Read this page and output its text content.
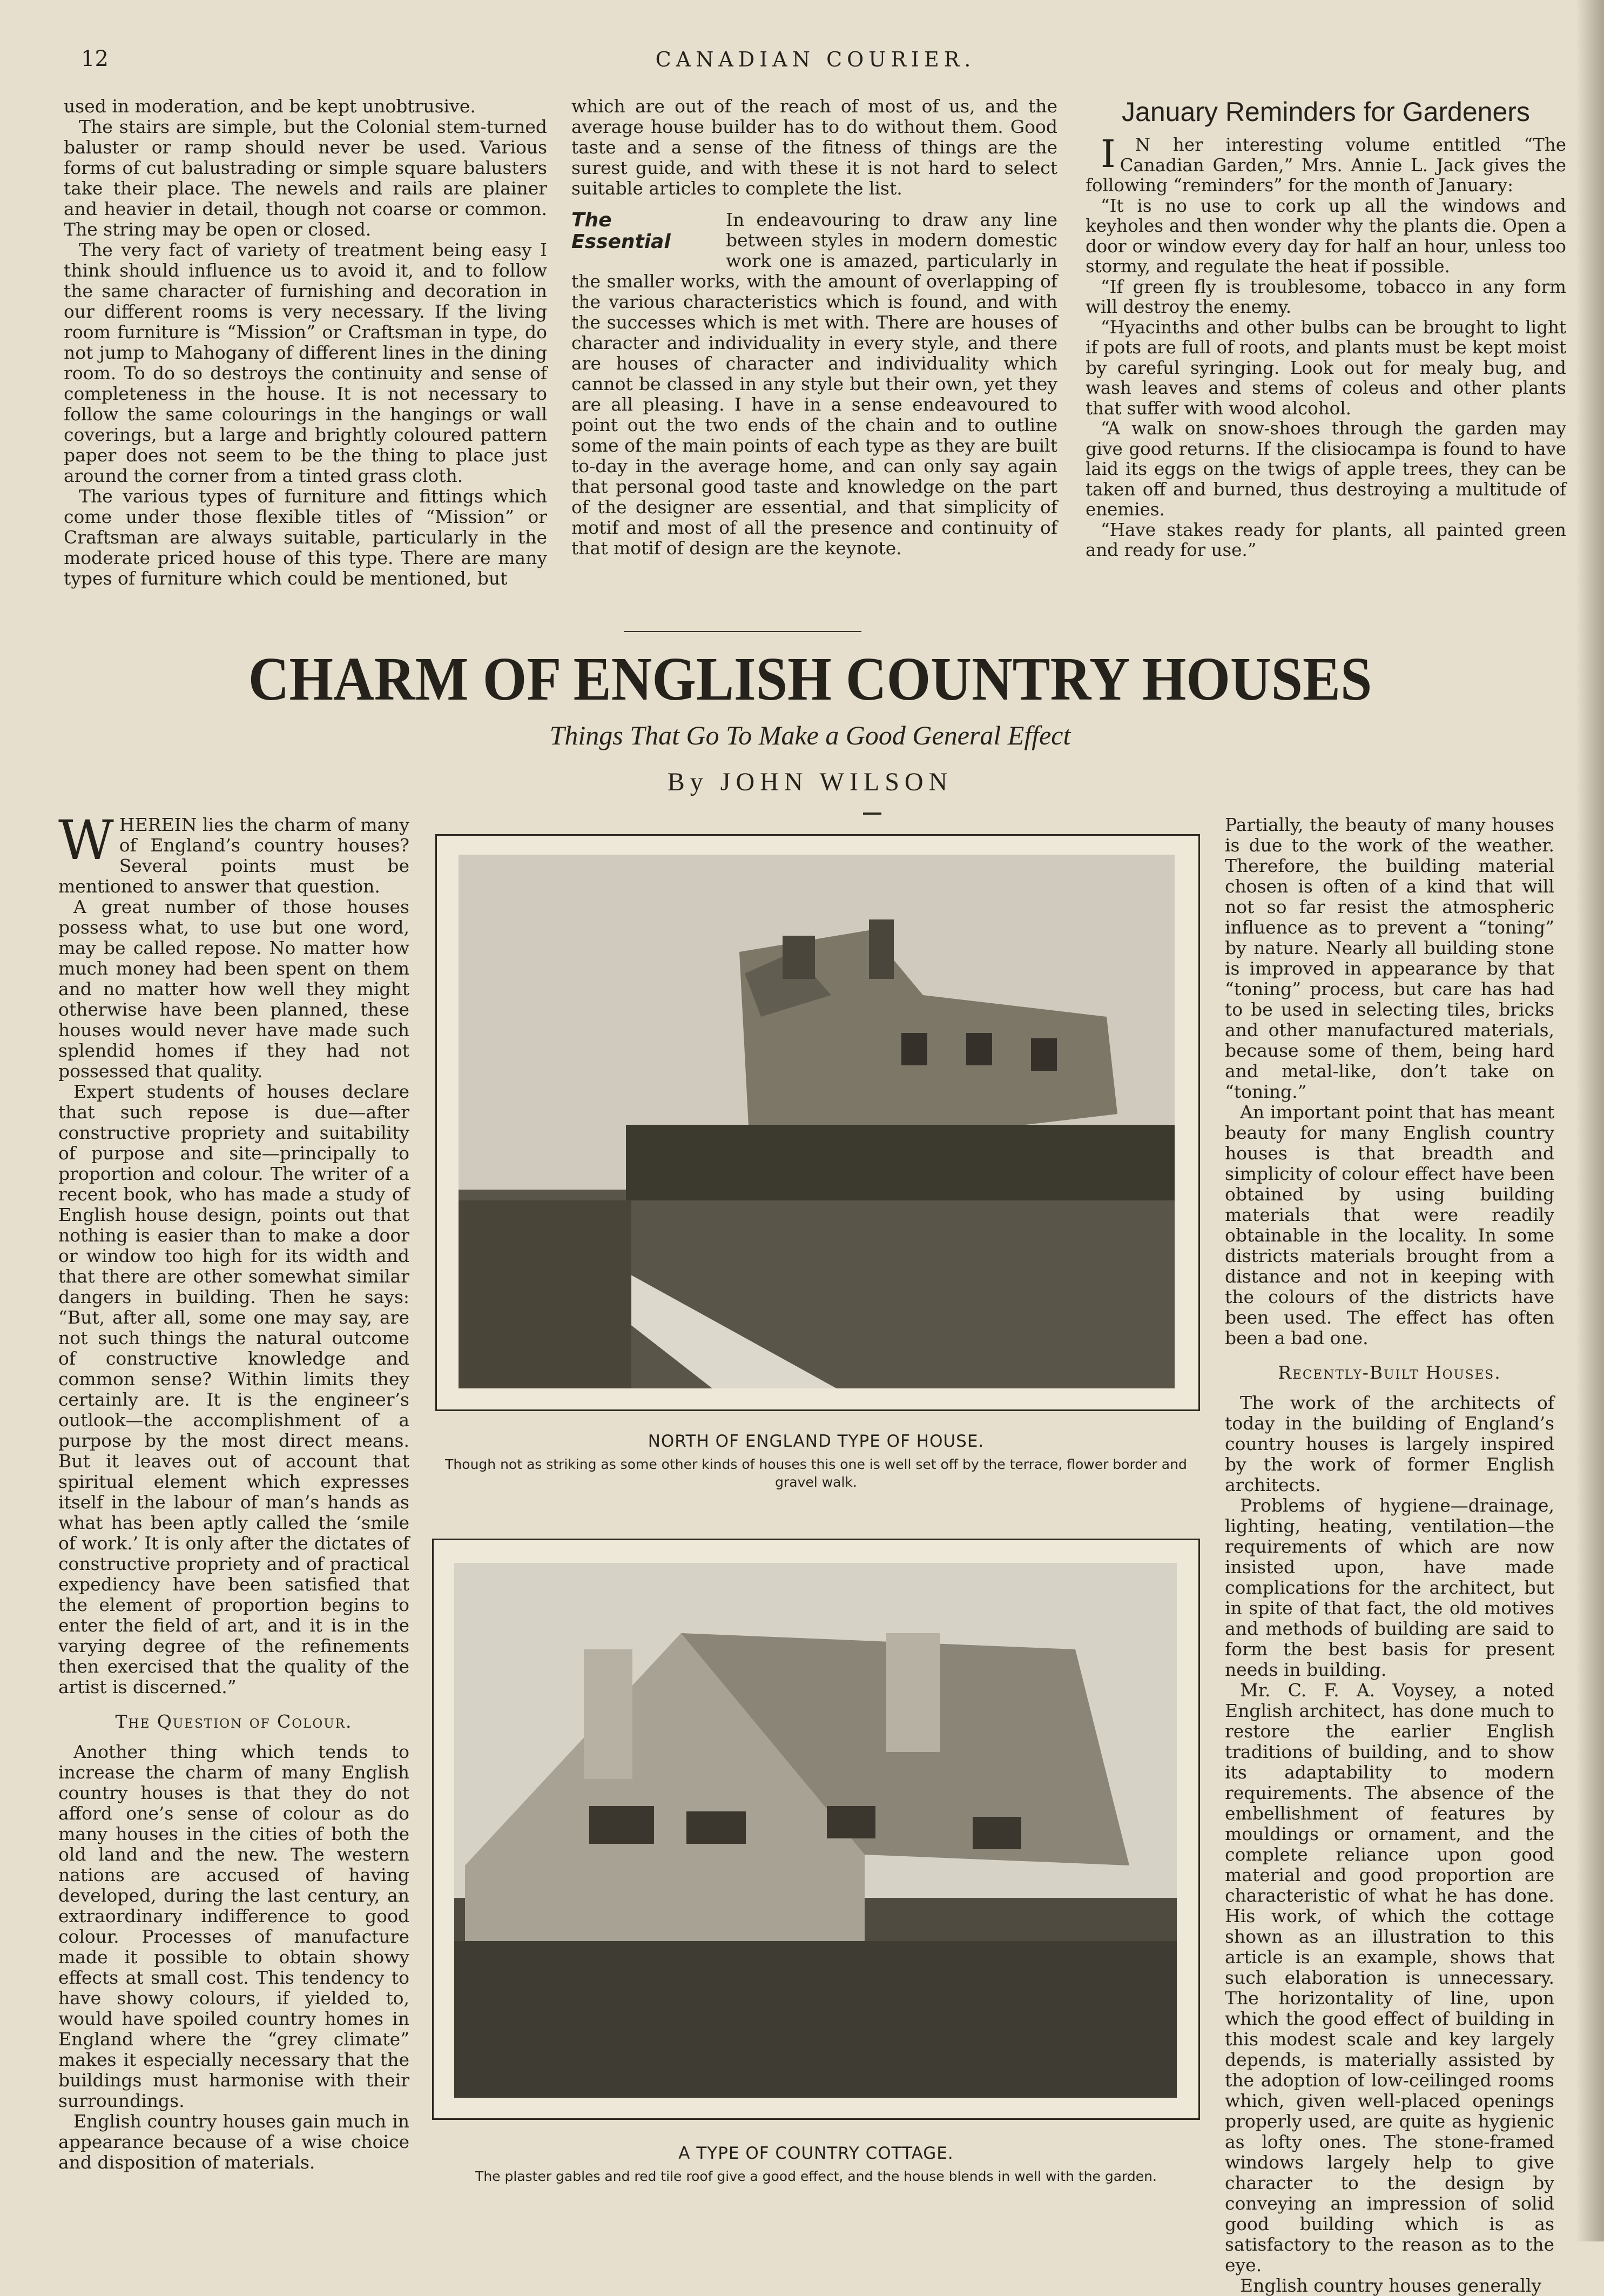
12	CANADIAN COURIER.

used in moderation, and be kept unobtrusive.

The stairs are simple, but the Colonial stem-turned baluster or ramp should never be used. Various forms of cut balustrading or simple square balusters take their place. The newels and rails are plainer and heavier in detail, though not coarse or common. The string may be open or closed.

The very fact of variety of treatment being easy I think should influence us to avoid it, and to follow the same character of furnishing and decoration in our different rooms is very necessary. If the living room furniture is “Mission” or Craftsman in type, do not jump to Mahogany of different lines in the dining room. To do so destroys the continuity and sense of completeness in the house. It is not necessary to follow the same colourings in the hangings or wall coverings, but a large and brightly coloured pattern paper does not seem to be the thing to place just around the corner from a tinted grass cloth.

The various types of furniture and fittings which come under those flexible titles of “Mission” or Craftsman are always suitable, particularly in the moderate priced house of this type. There are many types of furniture which could be mentioned, but

which are out of the reach of most of us, and the average house builder has to do without them. Good taste and a sense of the fitness of things are the surest guide, and with these it is not hard to select suitable articles to complete the list.

The Essential
In endeavouring to draw any line between styles in modern domestic work one is amazed, particularly in the smaller works, with the amount of overlapping of the various characteristics which is found, and with the successes which is met with. There are houses of character and individuality in every style, and there are houses of character and individuality which cannot be classed in any style but their own, yet they are all pleasing. I have in a sense endeavoured to point out the two ends of the chain and to outline some of the main points of each type as they are built to-day in the average home, and can only say again that personal good taste and knowledge on the part of the designer are essential, and that simplicity of motif and most of all the presence and continuity of that motif of design are the keynote.

January Reminders for Gardeners

I N her interesting volume entitled “The Canadian Garden,” Mrs. Annie L. Jack gives the following “reminders” for the month of January:

“It is no use to cork up all the windows and keyholes and then wonder why the plants die. Open a door or window every day for half an hour, unless too stormy, and regulate the heat if possible.

“If green fly is troublesome, tobacco in any form will destroy the enemy.

“Hyacinths and other bulbs can be brought to light if pots are full of roots, and plants must be kept moist by careful syringing. Look out for mealy bug, and wash leaves and stems of coleus and other plants that suffer with wood alcohol.

“A walk on snow-shoes through the garden may give good returns. If the clisiocampa is found to have laid its eggs on the twigs of apple trees, they can be taken off and burned, thus destroying a multitude of enemies.

“Have stakes ready for plants, all painted green and ready for use.”

CHARM OF ENGLISH COUNTRY HOUSES
Things That Go To Make a Good General Effect
By JOHN WILSON

WHEREIN lies the charm of many of England’s country houses? Several points must be mentioned to answer that question.

A great number of those houses possess what, to use but one word, may be called repose. No matter how much money had been spent on them and no matter how well they might otherwise have been planned, these houses would never have made such splendid homes if they had not possessed that quality.

Expert students of houses declare that such repose is due—after constructive propriety and suitability of purpose and site—principally to proportion and colour. The writer of a recent book, who has made a study of English house design, points out that nothing is easier than to make a door or window too high for its width and that there are other somewhat similar dangers in building. Then he says: “But, after all, some one may say, are not such things the natural outcome of constructive knowledge and common sense? Within limits they certainly are. It is the engineer’s outlook—the accomplishment of a purpose by the most direct means. But it leaves out of account that spiritual element which expresses itself in the labour of man’s hands as what has been aptly called the ‘smile of work.’ It is only after the dictates of constructive propriety and of practical expediency have been satisfied that the element of proportion begins to enter the field of art, and it is in the varying degree of the refinements then exercised that the quality of the artist is discerned.”

The Question of Colour.

Another thing which tends to increase the charm of many English country houses is that they do not afford one’s sense of colour as do many houses in the cities of both the old land and the new. The western nations are accused of having developed, during the last century, an extraordinary indifference to good colour. Processes of manufacture made it possible to obtain showy effects at small cost. This tendency to have showy colours, if yielded to, would have spoiled country homes in England where the “grey climate” makes it especially necessary that the buildings must harmonise with their surroundings.

English country houses gain much in appearance because of a wise choice and disposition of materials.

NORTH OF ENGLAND TYPE OF HOUSE.
Though not as striking as some other kinds of houses this one is well set off by the terrace, flower border and gravel walk.
A TYPE OF COUNTRY COTTAGE.
The plaster gables and red tile roof give a good effect, and the house blends in well with the garden.

Partially, the beauty of many houses is due to the work of the weather. Therefore, the building material chosen is often of a kind that will not so far resist the atmospheric influence as to prevent a “toning” by nature. Nearly all building stone is improved in appearance by that “toning” process, but care has had to be used in selecting tiles, bricks and other manufactured materials, because some of them, being hard and metal-like, don’t take on “toning.”

An important point that has meant beauty for many English country houses is that breadth and simplicity of colour effect have been obtained by using building materials that were readily obtainable in the locality. In some districts materials brought from a distance and not in keeping with the colours of the districts have been used. The effect has often been a bad one.

Recently-Built Houses.

The work of the architects of today in the building of England’s country houses is largely inspired by the work of former English architects.

Problems of hygiene—drainage, lighting, heating, ventilation—the requirements of which are now insisted upon, have made complications for the architect, but in spite of that fact, the old motives and methods of building are said to form the best basis for present needs in building.

Mr. C. F. A. Voysey, a noted English architect, has done much to restore the earlier English traditions of building, and to show its adaptability to modern requirements. The absence of the embellishment of features by mouldings or ornament, and the complete reliance upon good material and good proportion are characteristic of what he has done. His work, of which the cottage shown as an illustration to this article is an example, shows that such elaboration is unnecessary. The horizontality of line, upon which the good effect of building in this modest scale and key largely depends, is materially assisted by the adoption of low-ceilinged rooms which, given well-placed openings properly used, are quite as hygienic as lofty ones. The stone-framed windows largely help to give character to the design by conveying an impression of solid good building which is as satisfactory to the reason as to the eye.

English country houses generally
